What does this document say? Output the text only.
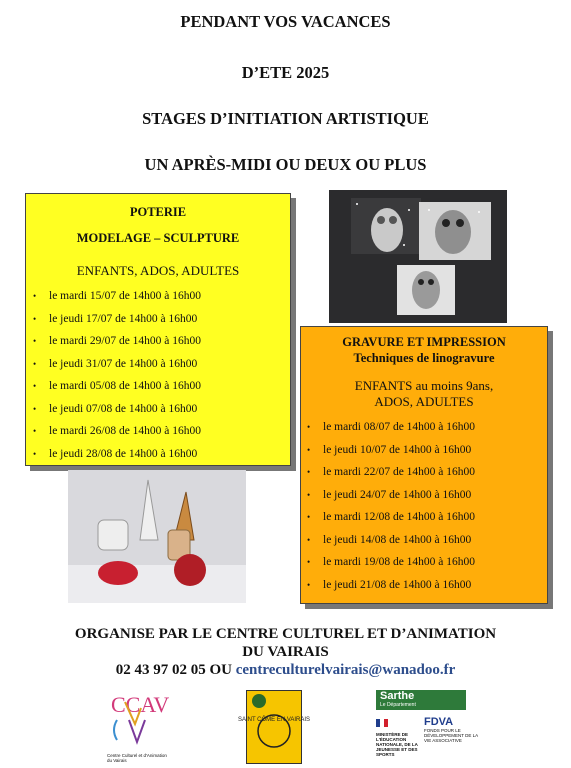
PENDANT VOS VACANCES
D’ETE 2025
STAGES D’INITIATION ARTISTIQUE
UN APRÈS-MIDI OU DEUX OU PLUS
POTERIE
MODELAGE – SCULPTURE
ENFANTS, ADOS, ADULTES
• le mardi 15/07 de 14h00 à 16h00
• le jeudi 17/07 de 14h00 à 16h00
• le mardi 29/07 de 14h00 à 16h00
• le jeudi 31/07 de 14h00 à 16h00
• le mardi 05/08 de 14h00 à 16h00
• le jeudi 07/08 de 14h00 à 16h00
• le mardi 26/08 de 14h00 à 16h00
• le jeudi 28/08 de 14h00 à 16h00
GRAVURE ET IMPRESSION
Techniques de linogravure
ENFANTS au moins 9ans,
ADOS, ADULTES
• le mardi 08/07 de 14h00 à 16h00
• le jeudi 10/07 de 14h00 à 16h00
• le mardi 22/07 de 14h00 à 16h00
• le jeudi 24/07 de 14h00 à 16h00
• le mardi 12/08 de 14h00 à 16h00
• le jeudi 14/08 de 14h00 à 16h00
• le mardi 19/08 de 14h00 à 16h00
• le jeudi 21/08 de 14h00 à 16h00
ORGANISE PAR LE CENTRE CULTUREL ET D’ANIMATION
DU VAIRAIS
02 43 97 02 05 OU centreculturelvairais@wanadoo.fr
CCAV
Centre Culturel et d'Animation du Vairais
SAINT CÔME EN VAIRAIS
Sarthe
Le Département
MINISTÈRE DE L'ÉDUCATION NATIONALE, DE LA JEUNESSE ET DES SPORTS
FDVA
FONDS POUR LE DÉVELOPPEMENT DE LA VIE ASSOCIATIVE
